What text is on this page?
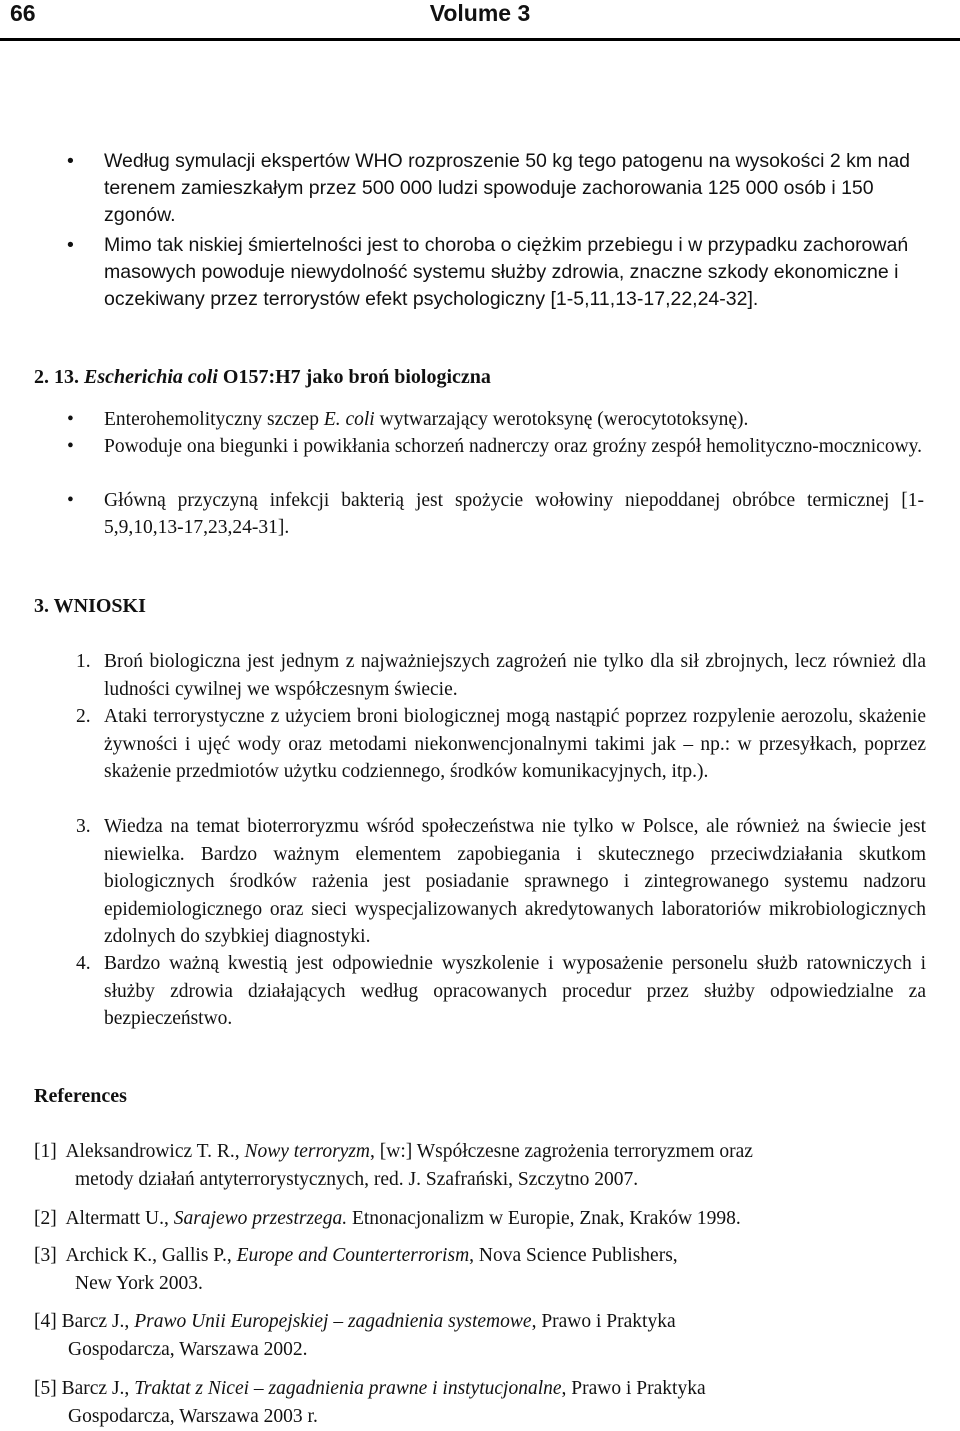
66	Volume 3
• Według symulacji ekspertów WHO rozproszenie 50 kg tego patogenu na wysokości 2 km nad terenem zamieszkałym przez 500 000 ludzi spowoduje zachorowania 125 000 osób i 150 zgonów.
• Mimo tak niskiej śmiertelności jest to choroba o ciężkim przebiegu i w przypadku zachorowań masowych powoduje niewydolność systemu służby zdrowia, znaczne szkody ekonomiczne i oczekiwany przez terrorystów efekt psychologiczny [1-5,11,13-17,22,24-32].
2. 13. Escherichia coli O157:H7 jako broń biologiczna
• Enterohemolityczny szczep E. coli wytwarzający werotoksynę (werocytotoksynę).
• Powoduje ona biegunki i powikłania schorzeń nadnerczy oraz groźny zespół hemolityczno-mocznicowy.
• Główną przyczyną infekcji bakterią jest spożycie wołowiny niepoddanej obróbce termicznej [1-5,9,10,13-17,23,24-31].
3. WNIOSKI
1. Broń biologiczna jest jednym z najważniejszych zagrożeń nie tylko dla sił zbrojnych, lecz również dla ludności cywilnej we współczesnym świecie.
2. Ataki terrorystyczne z użyciem broni biologicznej mogą nastąpić poprzez rozpylenie aerozolu, skażenie żywności i ujęć wody oraz metodami niekonwencjonalnymi takimi jak – np.: w przesyłkach, poprzez skażenie przedmiotów użytku codziennego, środków komunikacyjnych, itp.).
3. Wiedza na temat bioterroryzmu wśród społeczeństwa nie tylko w Polsce, ale również na świecie jest niewielka. Bardzo ważnym elementem zapobiegania i skutecznego przeciwdziałania skutkom biologicznych środków rażenia jest posiadanie sprawnego i zintegrowanego systemu nadzoru epidemiologicznego oraz sieci wyspecjalizowanych akredytowanych laboratoriów mikrobiologicznych zdolnych do szybkiej diagnostyki.
4. Bardzo ważną kwestią jest odpowiednie wyszkolenie i wyposażenie personelu służb ratowniczych i służby zdrowia działających według opracowanych procedur przez służby odpowiedzialne za bezpieczeństwo.
References
[1] Aleksandrowicz T. R., Nowy terroryzm, [w:] Współczesne zagrożenia terroryzmem oraz
metody działań antyterrorystycznych, red. J. Szafrański, Szczytno 2007.
[2] Altermatt U., Sarajewo przestrzega. Etnonacjonalizm w Europie, Znak, Kraków 1998.
[3] Archick K., Gallis P., Europe and Counterterrorism, Nova Science Publishers,
New York 2003.
[4] Barcz J., Prawo Unii Europejskiej – zagadnienia systemowe, Prawo i Praktyka
Gospodarcza, Warszawa 2002.
[5] Barcz J., Traktat z Nicei – zagadnienia prawne i instytucjonalne, Prawo i Praktyka
Gospodarcza, Warszawa 2003 r.
